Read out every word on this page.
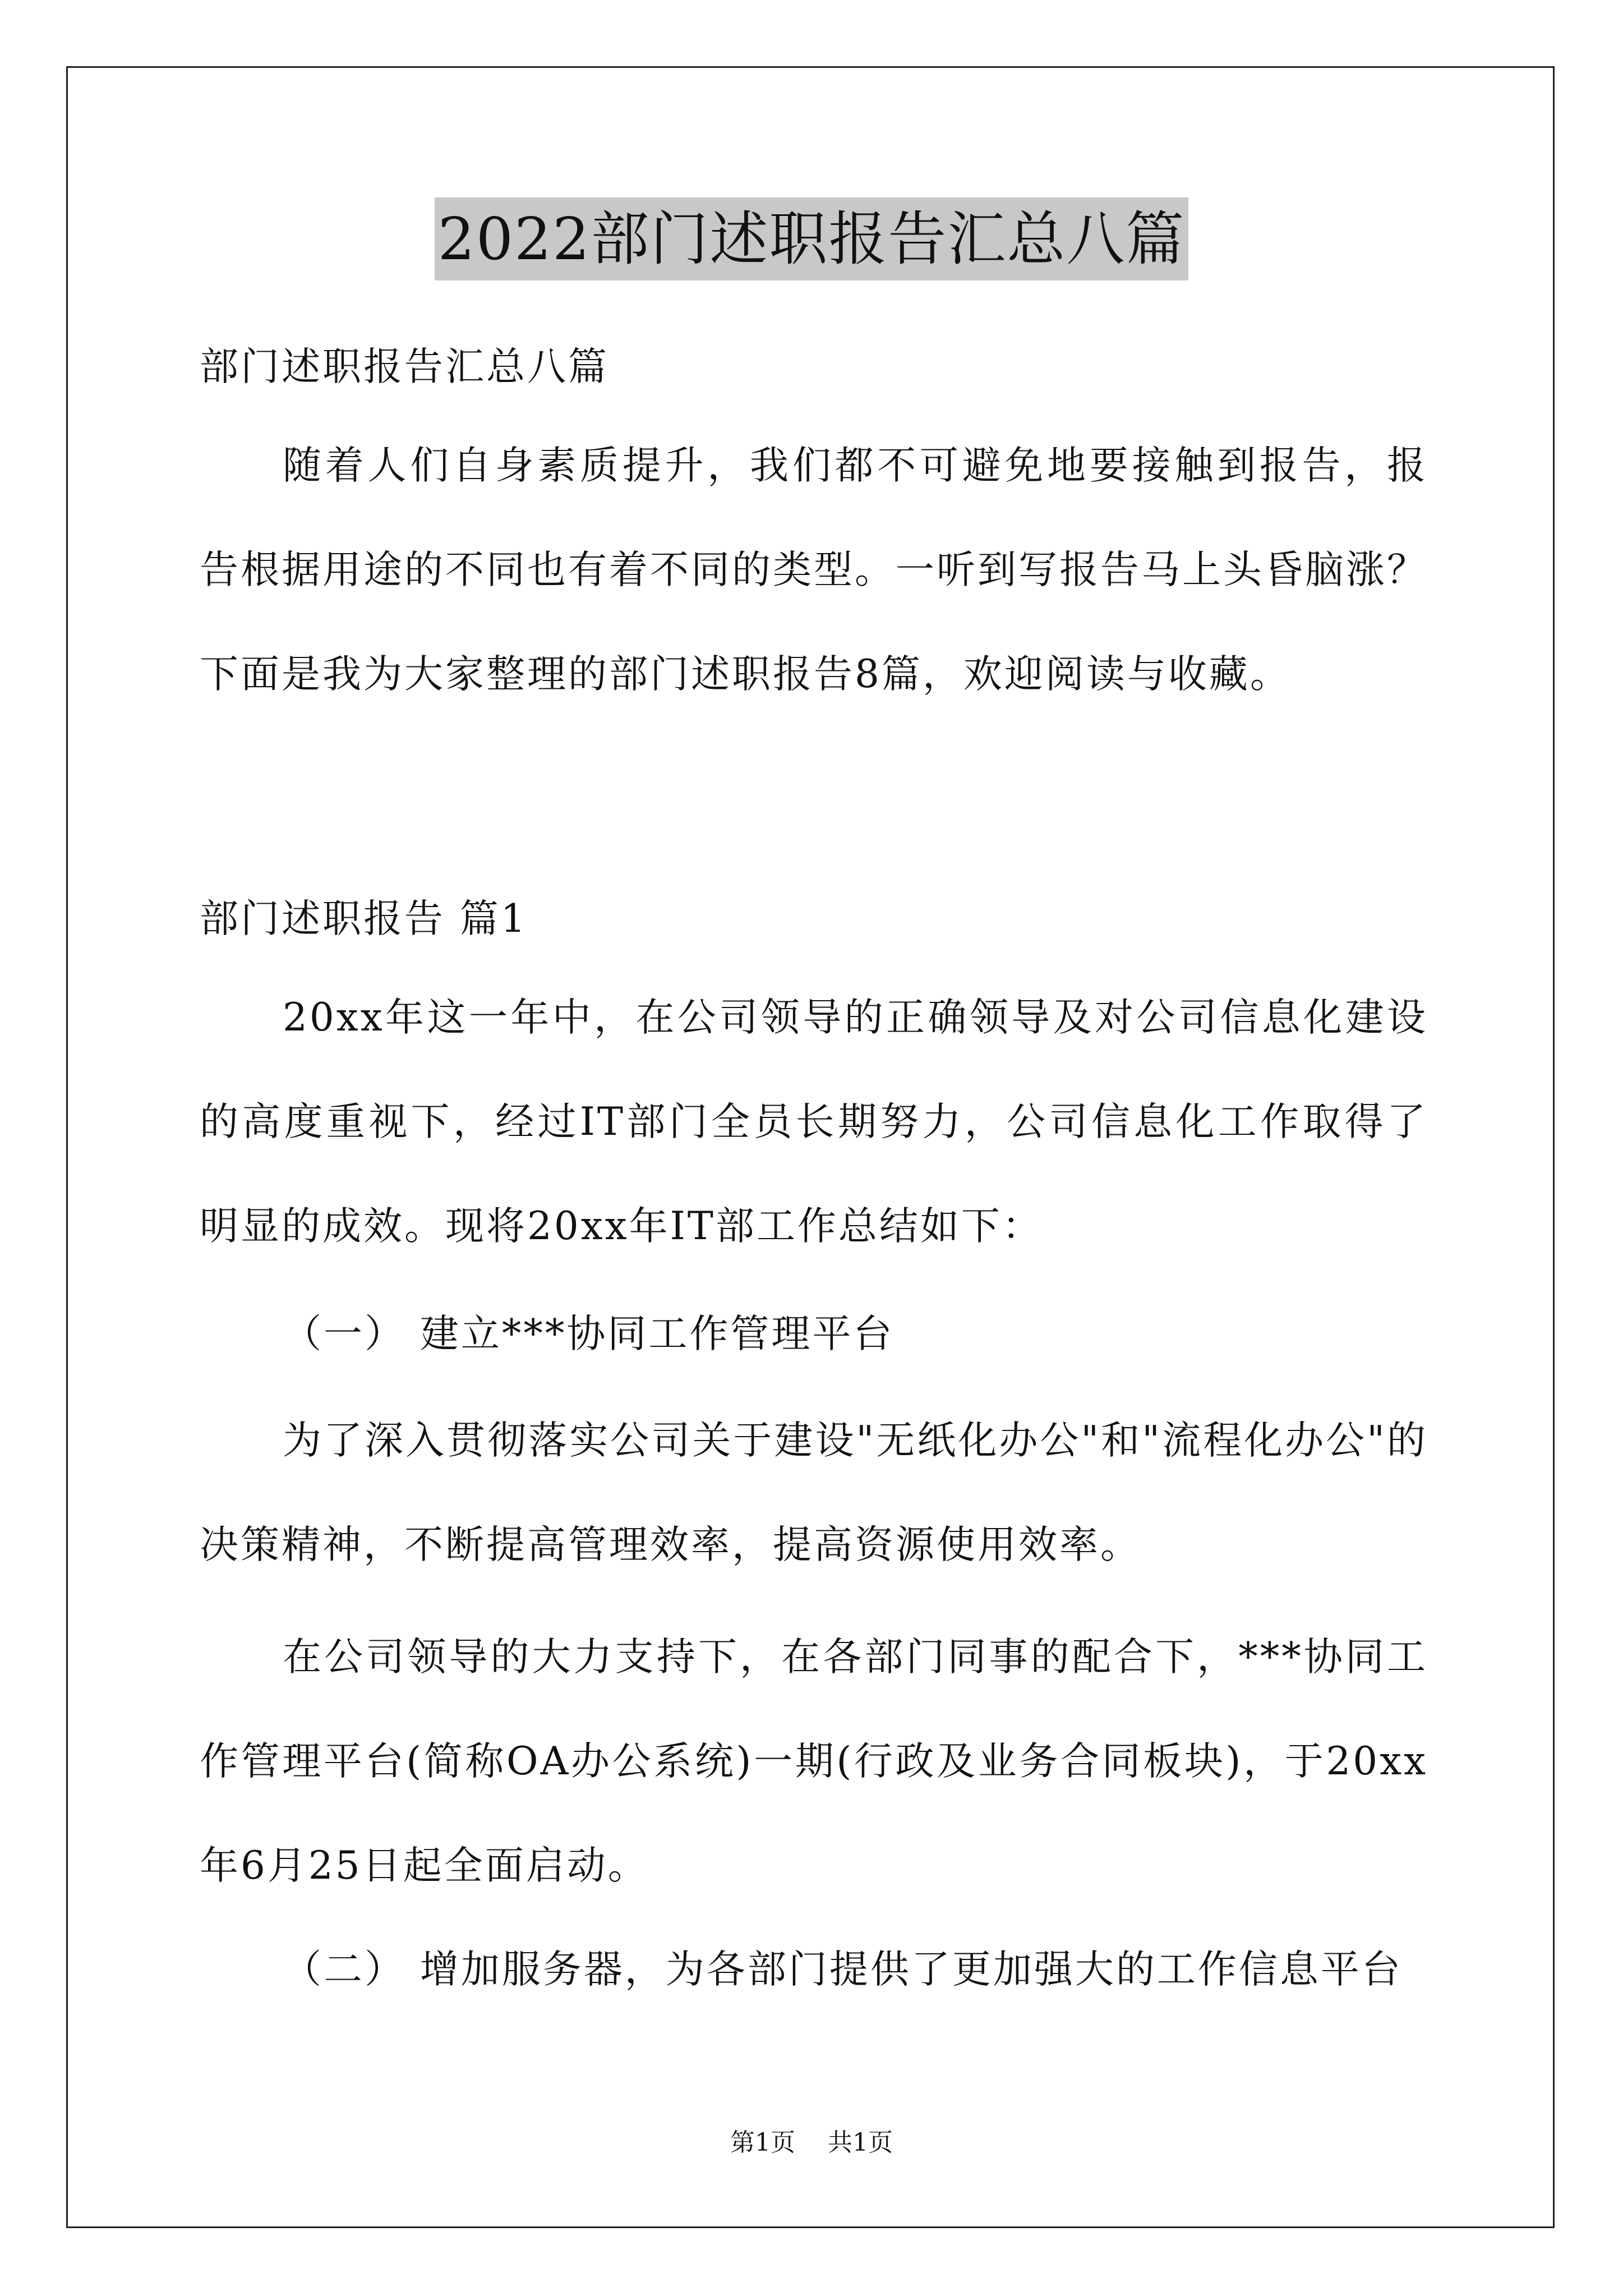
2022部门述职报告汇总八篇

部门述职报告汇总八篇

随着人们自身素质提升，我们都不可避免地要接触到报告，报告根据用途的不同也有着不同的类型。一听到写报告马上头昏脑涨？下面是我为大家整理的部门述职报告8篇，欢迎阅读与收藏。

部门述职报告 篇1

20xx年这一年中，在公司领导的正确领导及对公司信息化建设的高度重视下，经过IT部门全员长期努力，公司信息化工作取得了明显的成效。现将20xx年IT部工作总结如下：

（一） 建立***协同工作管理平台

为了深入贯彻落实公司关于建设"无纸化办公"和"流程化办公"的决策精神，不断提高管理效率，提高资源使用效率。

在公司领导的大力支持下，在各部门同事的配合下，***协同工作管理平台(简称OA办公系统)一期(行政及业务合同板块)，于20xx年6月25日起全面启动。

（二） 增加服务器，为各部门提供了更加强大的工作信息平台

第1页 共1页
